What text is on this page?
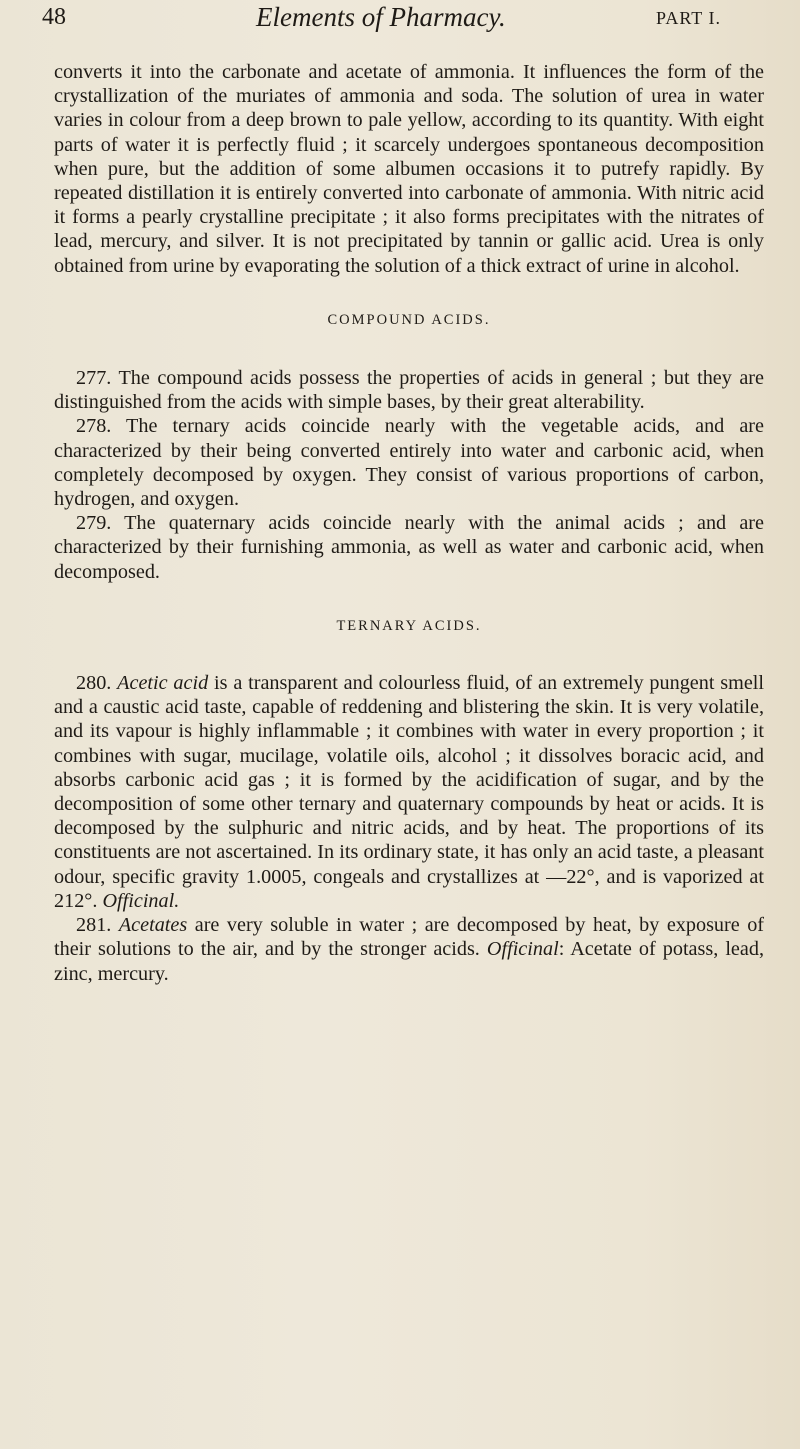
48	Elements of Pharmacy.	PART I.

converts it into the carbonate and acetate of ammonia. It influences the form of the crystallization of the muriates of ammonia and soda. The solution of urea in water varies in colour from a deep brown to pale yellow, according to its quantity. With eight parts of water it is perfectly fluid ; it scarcely undergoes spontaneous decomposition when pure, but the addition of some albumen occasions it to putrefy rapidly. By repeated distillation it is entirely converted into carbonate of ammonia. With nitric acid it forms a pearly crystalline precipitate ; it also forms precipitates with the nitrates of lead, mercury, and silver. It is not precipitated by tannin or gallic acid. Urea is only obtained from urine by evaporating the solution of a thick extract of urine in alcohol.

COMPOUND ACIDS.

277. The compound acids possess the properties of acids in general ; but they are distinguished from the acids with simple bases, by their great alterability.

278. The ternary acids coincide nearly with the vegetable acids, and are characterized by their being converted entirely into water and carbonic acid, when completely decomposed by oxygen. They consist of various proportions of carbon, hydrogen, and oxygen.

279. The quaternary acids coincide nearly with the animal acids ; and are characterized by their furnishing ammonia, as well as water and carbonic acid, when decomposed.

TERNARY ACIDS.

280. Acetic acid is a transparent and colourless fluid, of an extremely pungent smell and a caustic acid taste, capable of reddening and blistering the skin. It is very volatile, and its vapour is highly inflammable ; it combines with water in every proportion ; it combines with sugar, mucilage, volatile oils, alcohol ; it dissolves boracic acid, and absorbs carbonic acid gas ; it is formed by the acidification of sugar, and by the decomposition of some other ternary and quaternary compounds by heat or acids. It is decomposed by the sulphuric and nitric acids, and by heat. The proportions of its constituents are not ascertained. In its ordinary state, it has only an acid taste, a pleasant odour, specific gravity 1.0005, congeals and crystallizes at —22°, and is vaporized at 212°. Officinal.

281. Acetates are very soluble in water ; are decomposed by heat, by exposure of their solutions to the air, and by the stronger acids. Officinal: Acetate of potass, lead, zinc, mercury.
